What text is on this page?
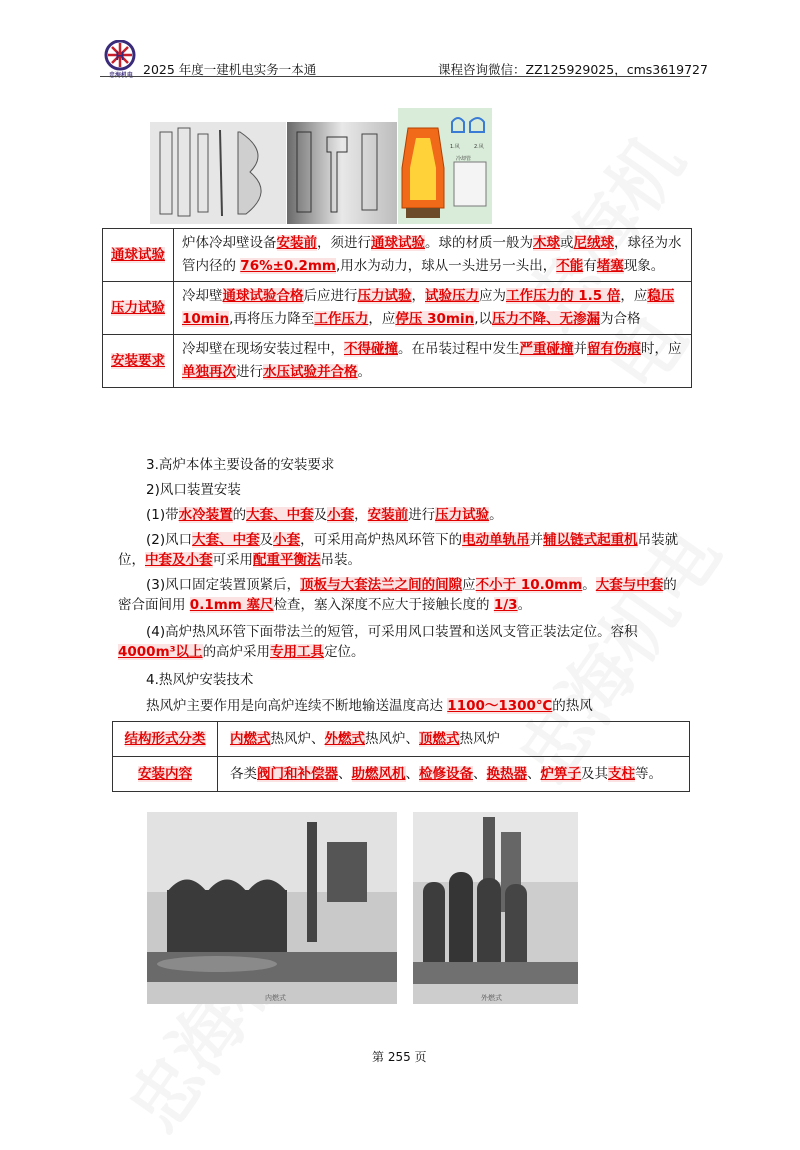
H
忠海机电 2025 年度一建机电实务一本通	课程咨询微信：ZZ125929025，cms3619727
1.风	2.风
冷却管
通球试验	炉体冷却壁设备安装前，须进行通球试验。球的材质一般为木球或尼绒球，球径为水管内径的 76%±0.2mm,用水为动力，球从一头进另一头出，不能有堵塞现象。
压力试验	冷却壁通球试验合格后应进行压力试验，试验压力应为工作压力的 1.5 倍，应稳压 10min,再将压力降至工作压力，应停压 30min,以压力不降、无渗漏为合格
安装要求	冷却壁在现场安装过程中，不得碰撞。在吊装过程中发生严重碰撞并留有伤痕时，应单独再次进行水压试验并合格。
3.高炉本体主要设备的安装要求
2)风口装置安装
(1)带水冷装置的大套、中套及小套，安装前进行压力试验。
(2)风口大套、中套及小套，可采用高炉热风环管下的电动单轨吊并辅以链式起重机吊装就位，中套及小套可采用配重平衡法吊装。
(3)风口固定装置顶紧后，顶板与大套法兰之间的间隙应不小于 10.0mm。大套与中套的密合面间用 0.1mm 塞尺检查，塞入深度不应大于接触长度的 1/3。
(4)高炉热风环管下面带法兰的短管，可采用风口装置和送风支管正装法定位。容积4000m³以上的高炉采用专用工具定位。
4.热风炉安装技术
热风炉主要作用是向高炉连续不断地输送温度高达 1100～1300℃的热风
结构形式分类	内燃式热风炉、外燃式热风炉、顶燃式热风炉
安装内容	各类阀门和补偿器、助燃风机、检修设备、换热器、炉箅子及其支柱等。
内燃式	外燃式
第 255 页
